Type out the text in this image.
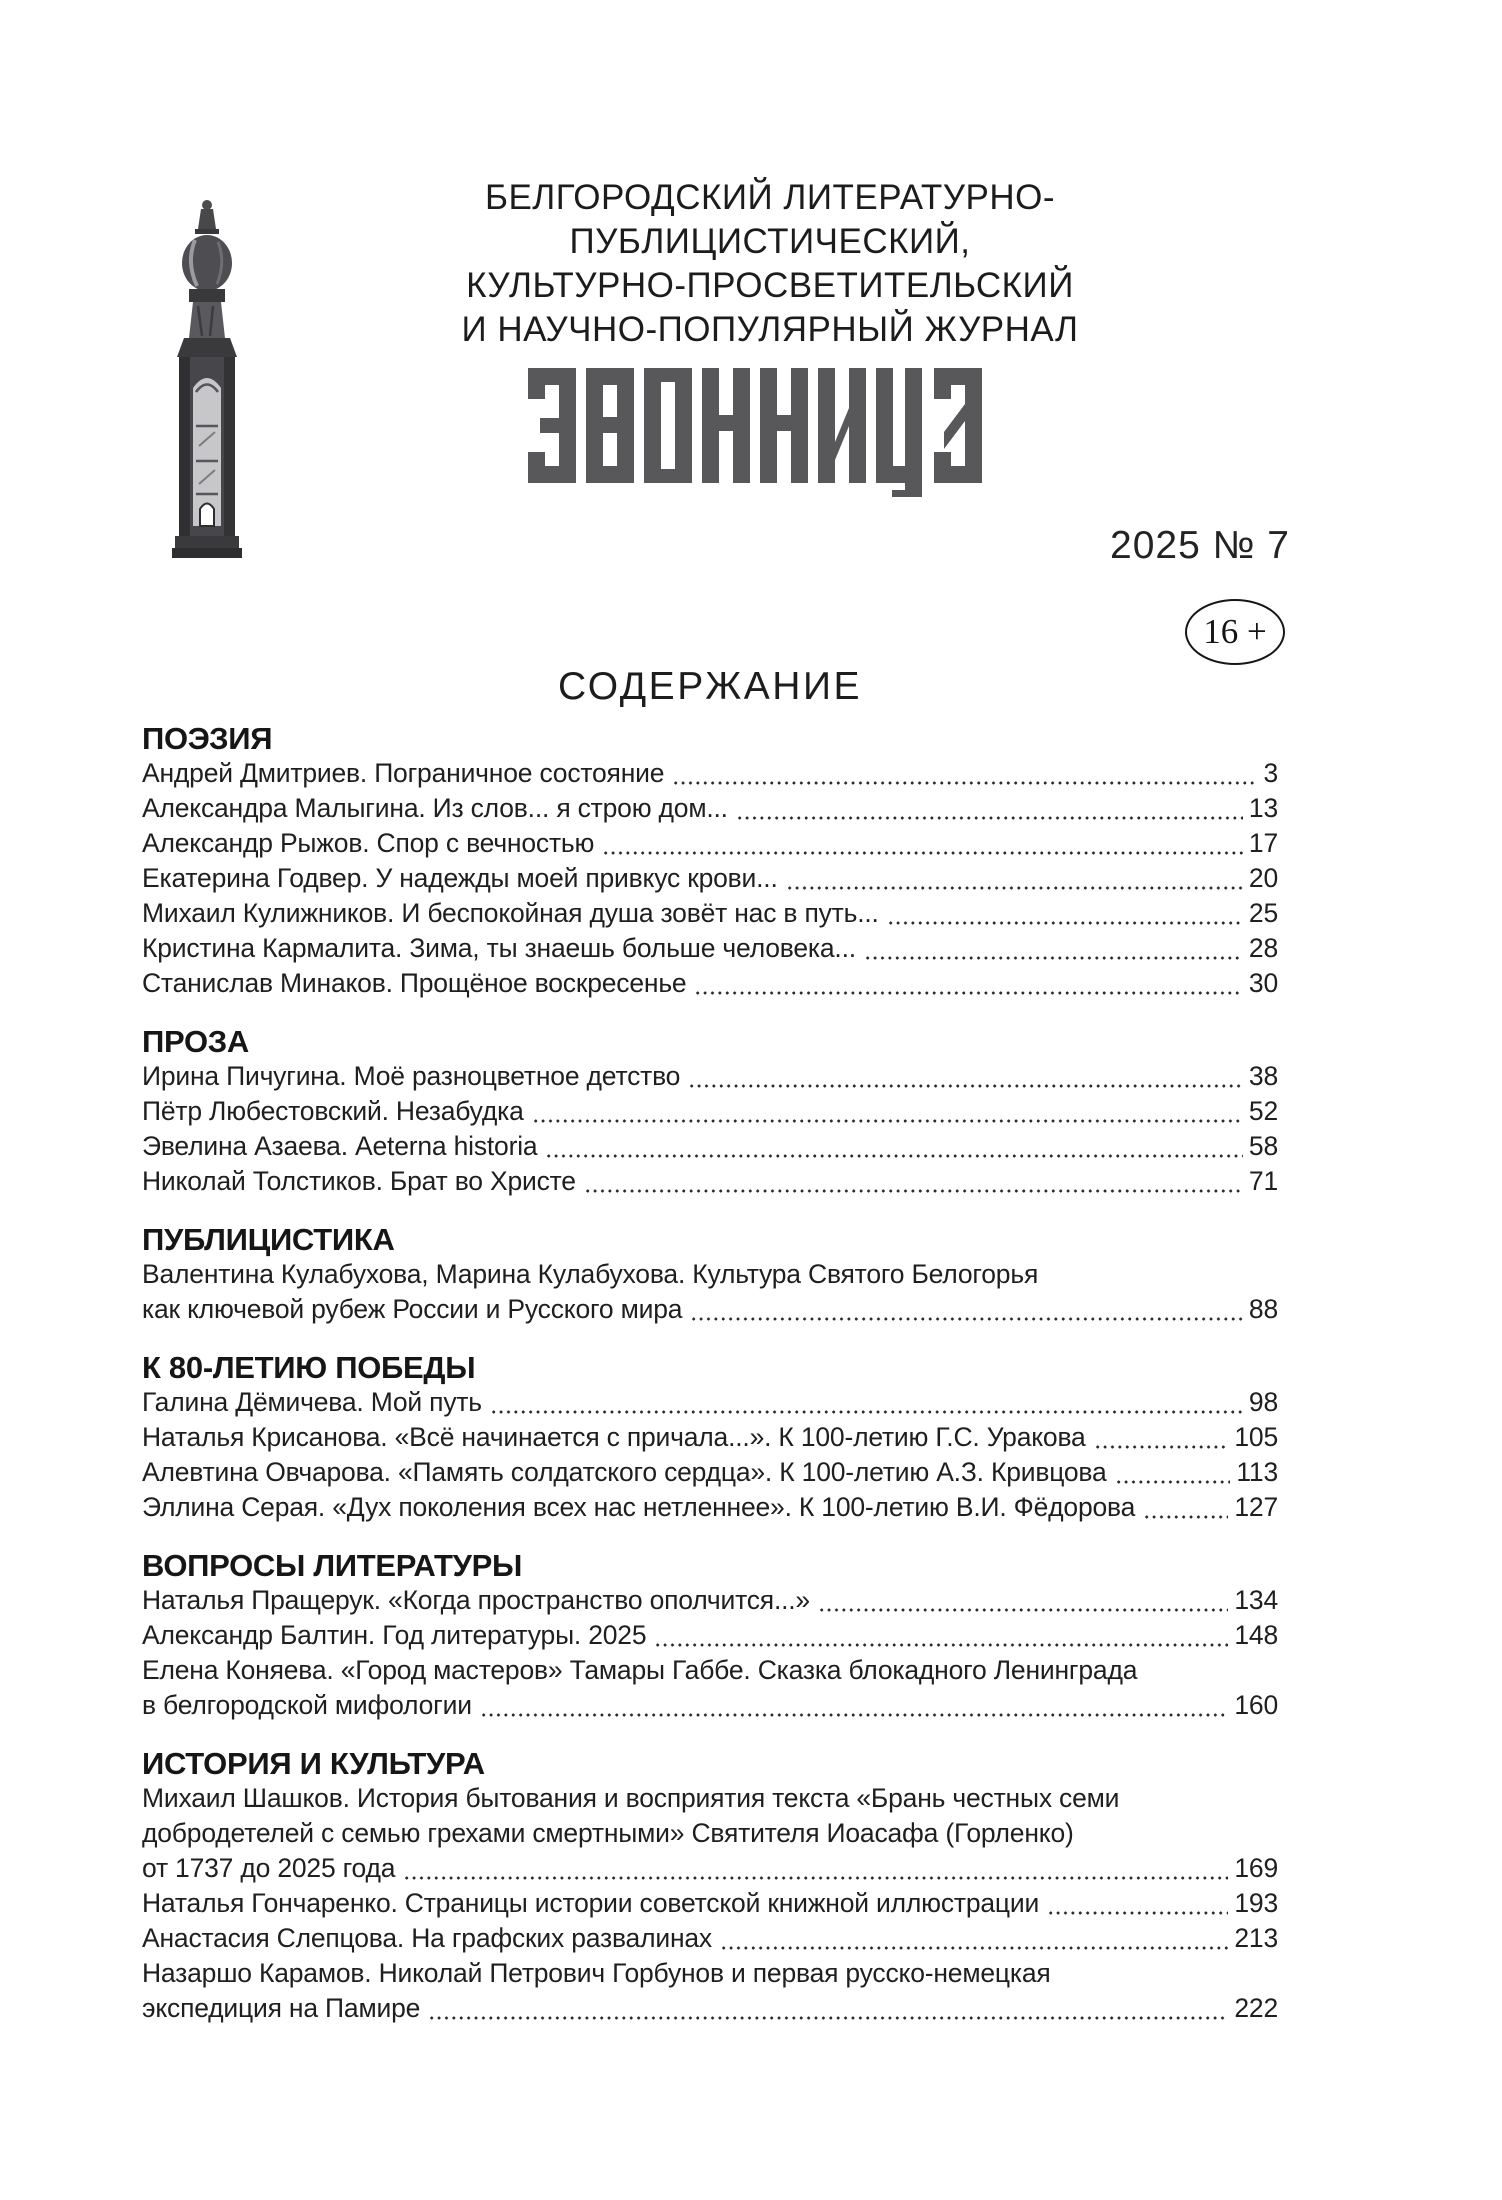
БЕЛГОРОДСКИЙ ЛИТЕРАТУРНО-ПУБЛИЦИСТИЧЕСКИЙ,
КУЛЬТУРНО-ПРОСВЕТИТЕЛЬСКИЙ
И НАУЧНО-ПОПУЛЯРНЫЙ ЖУРНАЛ
2025 № 7
16 +
СОДЕРЖАНИЕ
ПОЭЗИЯ
Андрей Дмитриев. Пограничное состояние	3
Александра Малыгина. Из слов... я строю дом...	13
Александр Рыжов. Спор с вечностью	17
Екатерина Годвер. У надежды моей привкус крови...	20
Михаил Кулижников. И беспокойная душа зовёт нас в путь...	25
Кристина Кармалита. Зима, ты знаешь больше человека...	28
Станислав Минаков. Прощёное воскресенье	30
ПРОЗА
Ирина Пичугина. Моё разноцветное детство	38
Пётр Любестовский. Незабудка	52
Эвелина Азаева. Aeterna historia	58
Николай Толстиков. Брат во Христе	71
ПУБЛИЦИСТИКА
Валентина Кулабухова, Марина Кулабухова. Культура Святого Белогорья
как ключевой рубеж России и Русского мира	88
К 80-ЛЕТИЮ ПОБЕДЫ
Галина Дёмичева. Мой путь	98
Наталья Крисанова. «Всё начинается с причала...». К 100-летию Г.С. Уракова	105
Алевтина Овчарова. «Память солдатского сердца». К 100-летию А.З. Кривцова	113
Эллина Серая. «Дух поколения всех нас нетленнее». К 100-летию В.И. Фёдорова	127
ВОПРОСЫ ЛИТЕРАТУРЫ
Наталья Пращерук. «Когда пространство ополчится...»	134
Александр Балтин. Год литературы. 2025	148
Елена Коняева. «Город мастеров» Тамары Габбе. Сказка блокадного Ленинграда
в белгородской мифологии	160
ИСТОРИЯ И КУЛЬТУРА
Михаил Шашков. История бытования и восприятия текста «Брань честных семи
добродетелей с семью грехами смертными» Святителя Иоасафа (Горленко)
от 1737 до 2025 года	169
Наталья Гончаренко. Страницы истории советской книжной иллюстрации	193
Анастасия Слепцова. На графских развалинах	213
Назаршо Карамов. Николай Петрович Горбунов и первая русско-немецкая
экспедиция на Памире	222
